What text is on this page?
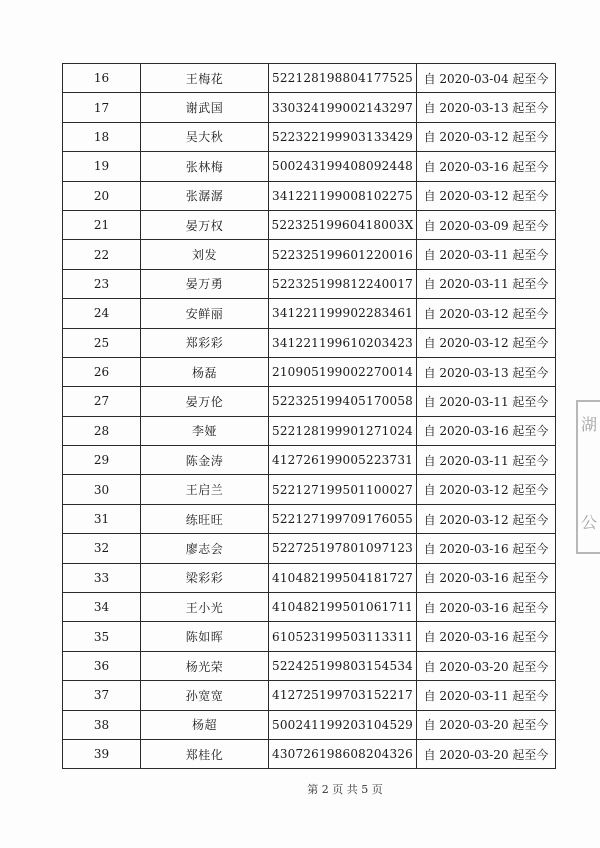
16	王梅花	522128198804177525	自 2020-03-04 起至今
17	谢武国	330324199002143297	自 2020-03-13 起至今
18	吴大秋	522322199903133429	自 2020-03-12 起至今
19	张林梅	500243199408092448	自 2020-03-16 起至今
20	张潺潺	341221199008102275	自 2020-03-12 起至今
21	晏万权	52232519960418003X	自 2020-03-09 起至今
22	刘发	522325199601220016	自 2020-03-11 起至今
23	晏万勇	522325199812240017	自 2020-03-11 起至今
24	安鲜丽	341221199902283461	自 2020-03-12 起至今
25	郑彩彩	341221199610203423	自 2020-03-12 起至今
26	杨磊	210905199002270014	自 2020-03-13 起至今
27	晏万伦	522325199405170058	自 2020-03-11 起至今
28	李娅	522128199901271024	自 2020-03-16 起至今
29	陈金涛	412726199005223731	自 2020-03-11 起至今
30	王启兰	522127199501100027	自 2020-03-12 起至今
31	练旺旺	522127199709176055	自 2020-03-12 起至今
32	廖志会	522725197801097123	自 2020-03-16 起至今
33	梁彩彩	410482199504181727	自 2020-03-16 起至今
34	王小光	410482199501061711	自 2020-03-16 起至今
35	陈如晖	610523199503113311	自 2020-03-16 起至今
36	杨光荣	522425199803154534	自 2020-03-20 起至今
37	孙宽宽	412725199703152217	自 2020-03-11 起至今
38	杨超	500241199203104529	自 2020-03-20 起至今
39	郑桂化	430726198608204326	自 2020-03-20 起至今
第 2 页 共 5 页
湖
公
